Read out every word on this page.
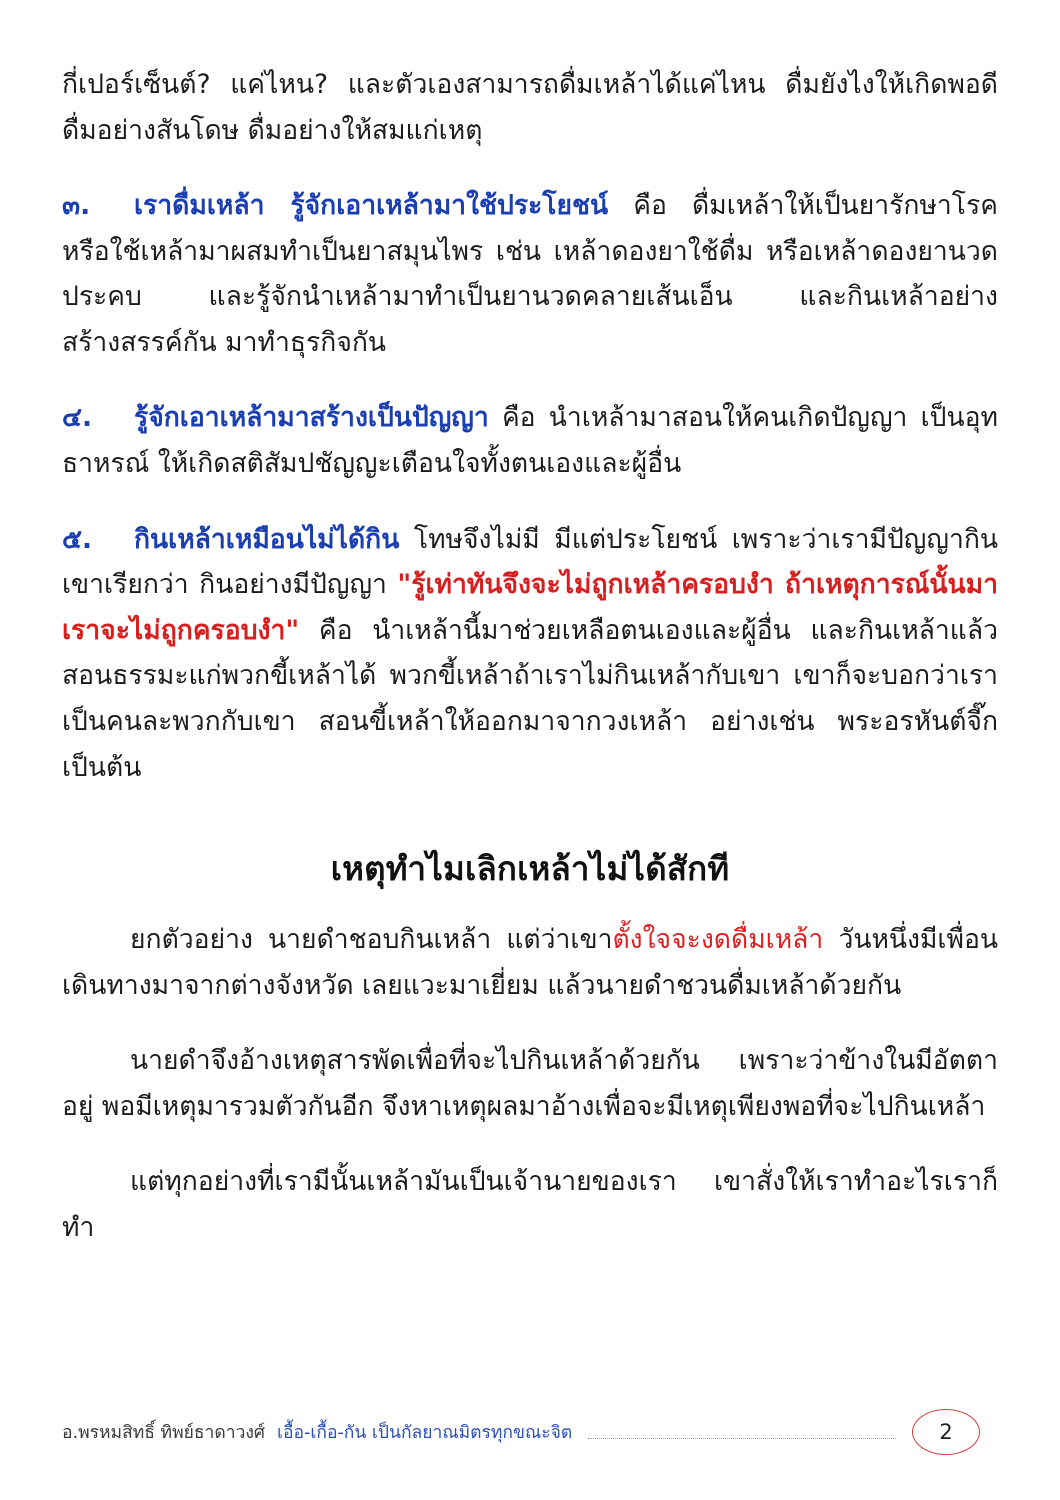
กี่เปอร์เซ็นต์? แค่ไหน? และตัวเองสามารถดื่มเหล้าได้แค่ไหน ดื่มยังไงให้เกิดพอดี ดื่มอย่างสันโดษ ดื่มอย่างให้สมแก่เหตุ

๓. เราดื่มเหล้า รู้จักเอาเหล้ามาใช้ประโยชน์ คือ ดื่มเหล้าให้เป็นยารักษาโรค หรือใช้เหล้ามาผสมทำเป็นยาสมุนไพร เช่น เหล้าดองยาใช้ดื่ม หรือเหล้าดองยานวดประคบ และรู้จักนำเหล้ามาทำเป็นยานวดคลายเส้นเอ็น และกินเหล้าอย่างสร้างสรรค์กัน มาทำธุรกิจกัน

๔. รู้จักเอาเหล้ามาสร้างเป็นปัญญา คือ นำเหล้ามาสอนให้คนเกิดปัญญา เป็นอุทธาหรณ์ ให้เกิดสติสัมปชัญญะเตือนใจทั้งตนเองและผู้อื่น

๕. กินเหล้าเหมือนไม่ได้กิน โทษจึงไม่มี มีแต่ประโยชน์ เพราะว่าเรามีปัญญากิน เขาเรียกว่า กินอย่างมีปัญญา "รู้เท่าทันจึงจะไม่ถูกเหล้าครอบงำ ถ้าเหตุการณ์นั้นมา เราจะไม่ถูกครอบงำ" คือ นำเหล้านี้มาช่วยเหลือตนเองและผู้อื่น และกินเหล้าแล้วสอนธรรมะแก่พวกขี้เหล้าได้ พวกขี้เหล้าถ้าเราไม่กินเหล้ากับเขา เขาก็จะบอกว่าเราเป็นคนละพวกกับเขา สอนขี้เหล้าให้ออกมาจากวงเหล้า อย่างเช่น พระอรหันต์จี๊ก เป็นต้น

เหตุทำไมเลิกเหล้าไม่ได้สักที

ยกตัวอย่าง นายดำชอบกินเหล้า แต่ว่าเขาตั้งใจจะงดดื่มเหล้า วันหนึ่งมีเพื่อนเดินทางมาจากต่างจังหวัด เลยแวะมาเยี่ยม แล้วนายดำชวนดื่มเหล้าด้วยกัน

นายดำจึงอ้างเหตุสารพัดเพื่อที่จะไปกินเหล้าด้วยกัน เพราะว่าข้างในมีอัตตาอยู่ พอมีเหตุมารวมตัวกันอีก จึงหาเหตุผลมาอ้างเพื่อจะมีเหตุเพียงพอที่จะไปกินเหล้า

แต่ทุกอย่างที่เรามีนั้นเหล้ามันเป็นเจ้านายของเรา เขาสั่งให้เราทำอะไรเราก็ทำ

อ.พรหมสิทธิ์ ทิพย์ธาดาวงศ์ เอื้อ-เกื้อ-กัน เป็นกัลยาณมิตรทุกขณะจิต	2
